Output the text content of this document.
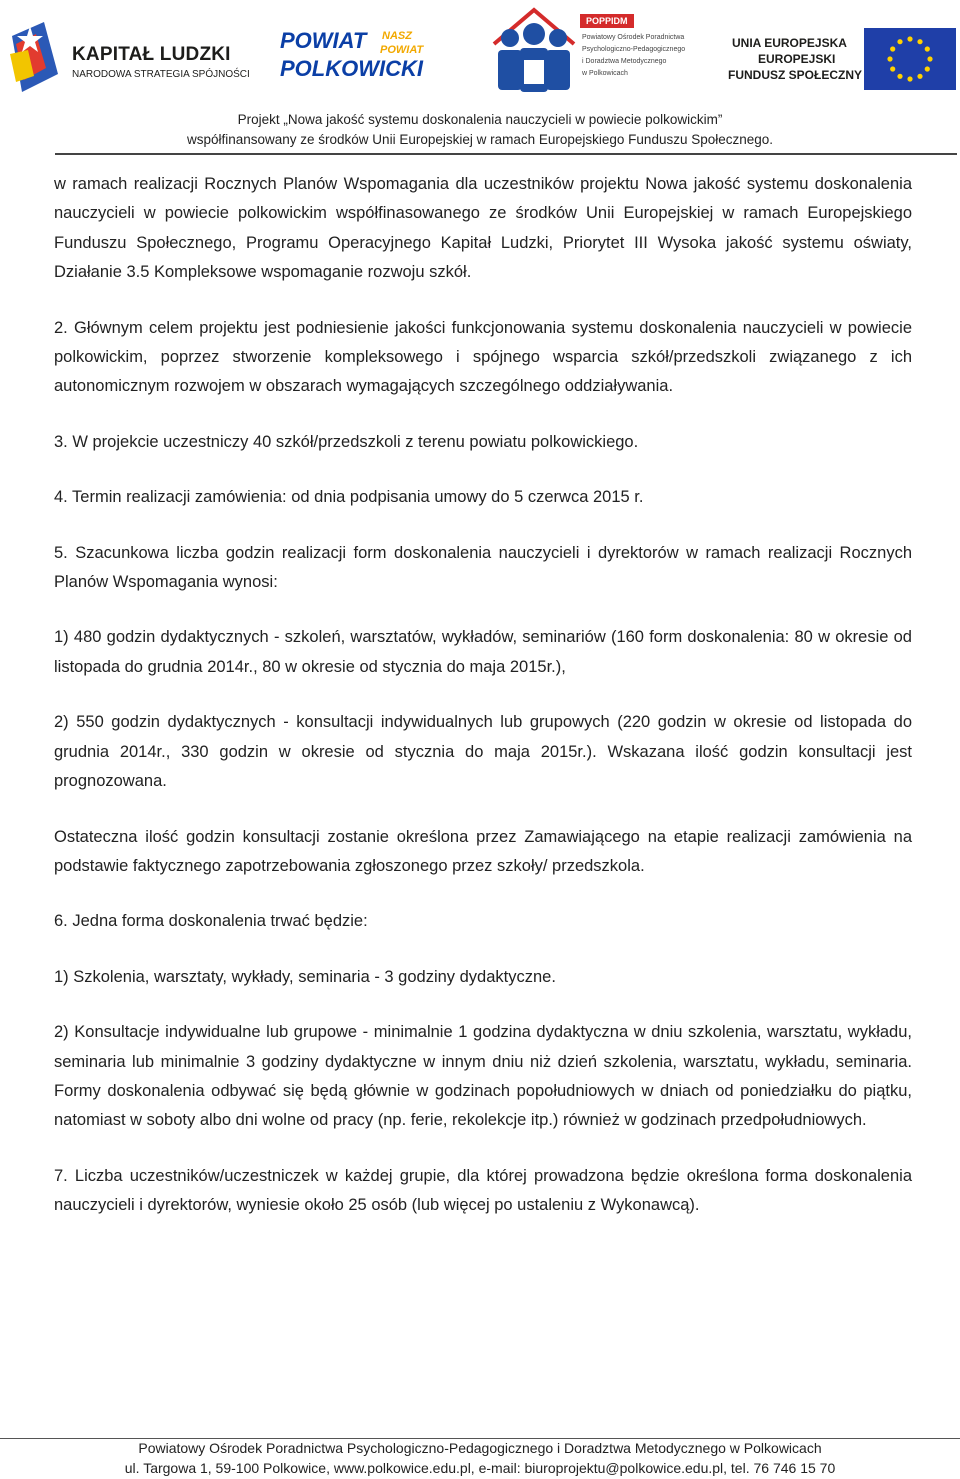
KAPITAŁ LUDZKI
NARODOWA STRATEGIA SPÓJNOŚCI
POWIAT
POLKOWICKI
NASZ
POWIAT
POPPIDM
Powiatowy Ośrodek Poradnictwa
Psychologiczno-Pedagogicznego
i Doradztwa Metodycznego
w Polkowicach
UNIA EUROPEJSKA
EUROPEJSKI
FUNDUSZ SPOŁECZNY
Projekt „Nowa jakość systemu doskonalenia nauczycieli w powiecie polkowickim”
współfinansowany ze środków Unii Europejskiej w ramach Europejskiego Funduszu Społecznego.

w ramach realizacji Rocznych Planów Wspomagania dla uczestników projektu Nowa jakość systemu doskonalenia nauczycieli w powiecie polkowickim współfinasowanego ze środków Unii Europejskiej w ramach Europejskiego Funduszu Społecznego, Programu Operacyjnego Kapitał Ludzki, Priorytet III Wysoka jakość systemu oświaty, Działanie 3.5 Kompleksowe wspomaganie rozwoju szkół.

2. Głównym celem projektu jest podniesienie jakości funkcjonowania systemu doskonalenia nauczycieli w powiecie polkowickim, poprzez stworzenie kompleksowego i spójnego wsparcia szkół/przedszkoli związanego z ich autonomicznym rozwojem w obszarach wymagających szczególnego oddziaływania.

3. W projekcie uczestniczy 40 szkół/przedszkoli z terenu powiatu polkowickiego.

4. Termin realizacji zamówienia: od dnia podpisania umowy do 5 czerwca 2015 r.

5. Szacunkowa liczba godzin realizacji form doskonalenia nauczycieli i dyrektorów w ramach realizacji Rocznych Planów Wspomagania wynosi:

1) 480 godzin dydaktycznych - szkoleń, warsztatów, wykładów, seminariów (160 form doskonalenia: 80 w okresie od listopada do grudnia 2014r., 80 w okresie od stycznia do maja 2015r.),

2) 550 godzin dydaktycznych - konsultacji indywidualnych lub grupowych (220 godzin w okresie od listopada do grudnia 2014r., 330 godzin w okresie od stycznia do maja 2015r.). Wskazana ilość godzin konsultacji jest prognozowana.

Ostateczna ilość godzin konsultacji zostanie określona przez Zamawiającego na etapie realizacji zamówienia na podstawie faktycznego zapotrzebowania zgłoszonego przez szkoły/ przedszkola.

6. Jedna forma doskonalenia trwać będzie:

1) Szkolenia, warsztaty, wykłady, seminaria - 3 godziny dydaktyczne.

2) Konsultacje indywidualne lub grupowe - minimalnie 1 godzina dydaktyczna w dniu szkolenia, warsztatu, wykładu, seminaria lub minimalnie 3 godziny dydaktyczne w innym dniu niż dzień szkolenia, warsztatu, wykładu, seminaria. Formy doskonalenia odbywać się będą głównie w godzinach popołudniowych w dniach od poniedziałku do piątku, natomiast w soboty albo dni wolne od pracy (np. ferie, rekolekcje itp.) również w godzinach przedpołudniowych.

7. Liczba uczestników/uczestniczek w każdej grupie, dla której prowadzona będzie określona forma doskonalenia nauczycieli i dyrektorów, wyniesie około 25 osób (lub więcej po ustaleniu z Wykonawcą).

Powiatowy Ośrodek Poradnictwa Psychologiczno-Pedagogicznego i Doradztwa Metodycznego w Polkowicach
ul. Targowa 1, 59-100 Polkowice, www.polkowice.edu.pl, e-mail: biuroprojektu@polkowice.edu.pl, tel. 76 746 15 70
